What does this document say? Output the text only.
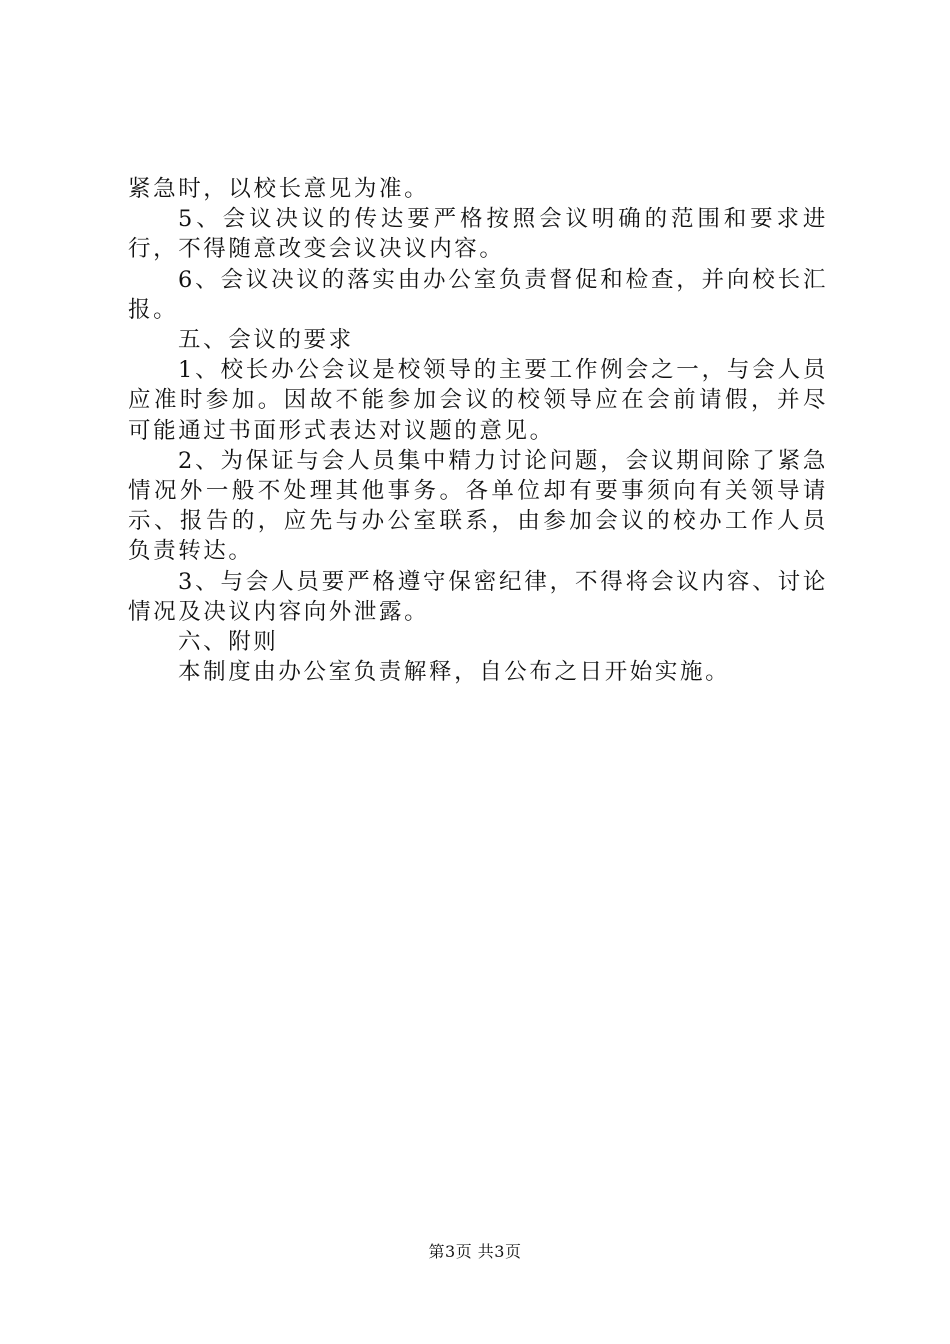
紧急时，以校长意见为准。

5、会议决议的传达要严格按照会议明确的范围和要求进行，不得随意改变会议决议内容。

6、会议决议的落实由办公室负责督促和检查，并向校长汇报。

五、会议的要求

1、校长办公会议是校领导的主要工作例会之一，与会人员应准时参加。因故不能参加会议的校领导应在会前请假，并尽可能通过书面形式表达对议题的意见。

2、为保证与会人员集中精力讨论问题，会议期间除了紧急情况外一般不处理其他事务。各单位却有要事须向有关领导请示、报告的，应先与办公室联系，由参加会议的校办工作人员负责转达。

3、与会人员要严格遵守保密纪律，不得将会议内容、讨论情况及决议内容向外泄露。

六、附则

本制度由办公室负责解释，自公布之日开始实施。

第3页 共3页
